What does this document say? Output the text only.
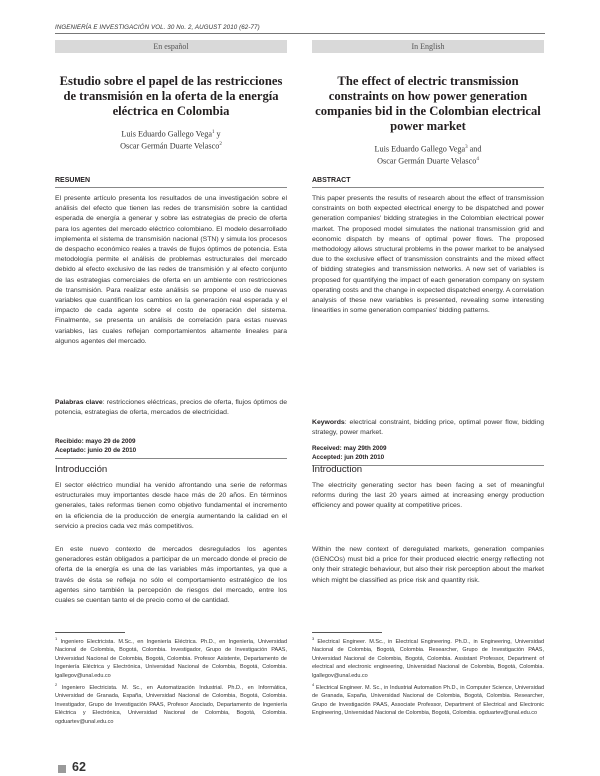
INGENIERÍA E INVESTIGACIÓN VOL. 30 No. 2, AUGUST 2010 (62-77)
En español
Estudio sobre el papel de las restricciones de transmisión en la oferta de la energía eléctrica en Colombia
Luis Eduardo Gallego Vega$^1$ y
Oscar Germán Duarte Velasco$^2$
RESUMEN
El presente artículo presenta los resultados de una investigación sobre el análisis del efecto que tienen las redes de transmisión sobre la cantidad esperada de energía a generar y sobre las estrategias de precio de oferta para los agentes del mercado eléctrico colombiano. El modelo desarrollado implementa el sistema de transmisión nacional (STN) y simula los procesos de despacho económico reales a través de flujos óptimos de potencia. Esta metodología permite el análisis de problemas estructurales del mercado debido al efecto exclusivo de las redes de transmisión y al efecto conjunto de las estrategias comerciales de oferta en un ambiente con restricciones de transmisión. Para realizar este análisis se propone el uso de nuevas variables que cuantifican los cambios en la generación real esperada y el impacto de cada agente sobre el costo de operación del sistema. Finalmente, se presenta un análisis de correlación para estas nuevas variables, las cuales reflejan comportamientos altamente lineales para algunos agentes del mercado.
Palabras clave: restricciones eléctricas, precios de oferta, flujos óptimos de potencia, estrategias de oferta, mercados de electricidad.
Recibido: mayo 29 de 2009
Aceptado: junio 20 de 2010
Introducción
El sector eléctrico mundial ha venido afrontando una serie de reformas estructurales muy importantes desde hace más de 20 años. En términos generales, tales reformas tienen como objetivo fundamental el incremento en la eficiencia de la producción de energía aumentando la calidad en el servicio a precios cada vez más competitivos.
En este nuevo contexto de mercados desregulados los agentes generadores están obligados a participar de un mercado donde el precio de oferta de la energía es una de las variables más importantes, ya que a través de ésta se refleja no sólo el comportamiento estratégico de los agentes sino también la percepción de riesgos del mercado, entre los cuales se cuentan tanto el de precio como el de cantidad.

$^1$ Ingeniero Electricista. M.Sc., en Ingeniería Eléctrica. Ph.D., en Ingeniería, Universidad Nacional de Colombia, Bogotá, Colombia. Investigador, Grupo de Investigación PAAS, Universidad Nacional de Colombia, Bogotá, Colombia. Profesor Asistente, Departamento de Ingeniería Eléctrica y Electrónica, Universidad Nacional de Colombia, Bogotá, Colombia. lgallegov@unal.edu.co

$^2$ Ingeniero Electricista. M. Sc., en Automatización Industrial. Ph.D., en Informática, Universidad de Granada, España, Universidad Nacional de Colombia, Bogotá, Colombia. Investigador, Grupo de Investigación PAAS, Profesor Asociado, Departamento de Ingeniería Eléctrica y Electrónica, Universidad Nacional de Colombia, Bogotá, Colombia. ogduartev@unal.edu.co

In English
The effect of electric transmission constraints on how power generation companies bid in the Colombian electrical power market
Luis Eduardo Gallego Vega$^3$ and
Oscar Germán Duarte Velasco$^4$
ABSTRACT
This paper presents the results of research about the effect of transmission constraints on both expected electrical energy to be dispatched and power generation companies' bidding strategies in the Colombian electrical power market. The proposed model simulates the national transmission grid and economic dispatch by means of optimal power flows. The proposed methodology allows structural problems in the power market to be analysed due to the exclusive effect of transmission constraints and the mixed effect of bidding strategies and transmission networks. A new set of variables is proposed for quantifying the impact of each generation company on system operating costs and the change in expected dispatched energy. A correlation analysis of these new variables is presented, revealing some interesting linearities in some generation companies' bidding patterns.
Keywords: electrical constraint, bidding price, optimal power flow, bidding strategy, power market.
Received: may 29th 2009
Accepted: jun 20th 2010
Introduction
The electricity generating sector has been facing a set of meaningful reforms during the last 20 years aimed at increasing energy production efficiency and power quality at competitive prices.
Within the new context of deregulated markets, generation companies (GENCOs) must bid a price for their produced electric energy reflecting not only their strategic behaviour, but also their risk perception about the market which might be classified as price risk and quantity risk.

$^3$ Electrical Engineer. M.Sc., in Electrical Engineering. Ph.D., in Engineering, Universidad Nacional de Colombia, Bogotá, Colombia. Researcher, Grupo de Investigación PAAS, Universidad Nacional de Colombia, Bogotá, Colombia. Assistant Professor, Department of electrical and electronic engineering, Universidad Nacional de Colombia, Bogotá, Colombia. lgallegov@unal.edu.co

$^4$ Electrical Engineer. M. Sc., in Industrial Automation Ph.D., in Computer Science, Universidad de Granada, España, Universidad Nacional de Colombia, Bogotá, Colombia. Researcher, Grupo de Investigación PAAS, Associate Professor, Department of Electrical and Electronic Engineering, Universidad Nacional de Colombia, Bogotá, Colombia. ogduartev@unal.edu.co

62
